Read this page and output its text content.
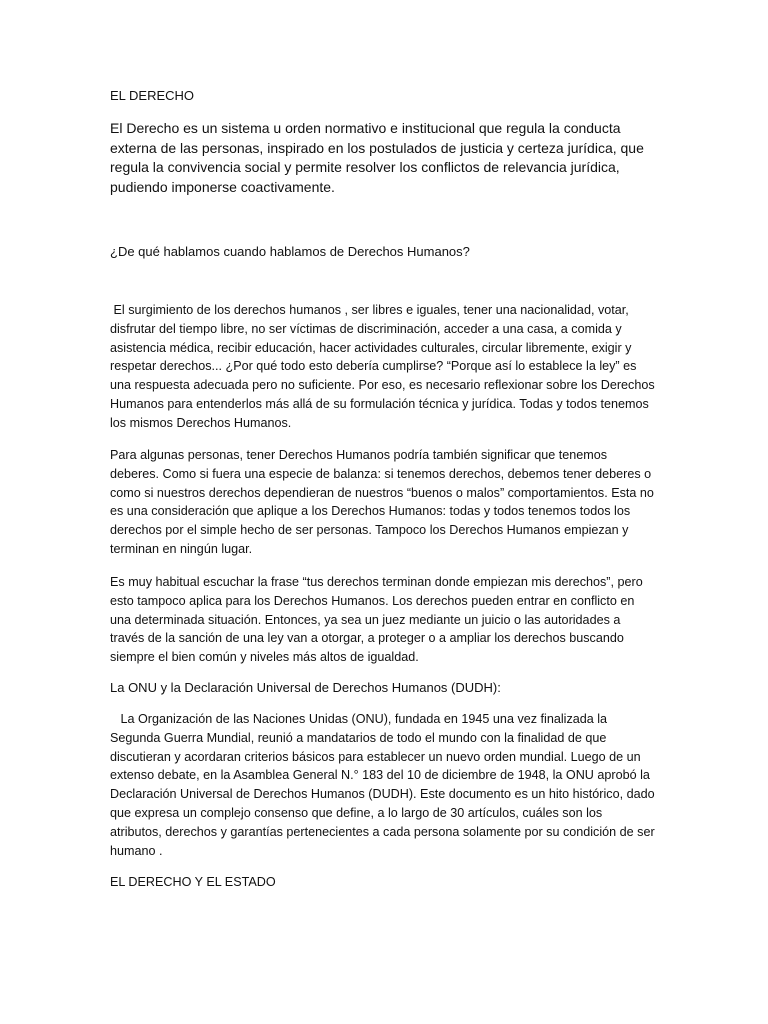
EL DERECHO

El Derecho es un sistema u orden normativo e institucional que regula la conducta externa de las personas, inspirado en los postulados de justicia y certeza jurídica, que regula la convivencia social y permite resolver los conflictos de relevancia jurídica, pudiendo imponerse coactivamente.

¿De qué hablamos cuando hablamos de Derechos Humanos?

El surgimiento de los derechos humanos , ser libres e iguales, tener una nacionalidad, votar, disfrutar del tiempo libre, no ser víctimas de discriminación, acceder a una casa, a comida y asistencia médica, recibir educación, hacer actividades culturales, circular libremente, exigir y respetar derechos... ¿Por qué todo esto debería cumplirse? “Porque así lo establece la ley” es una respuesta adecuada pero no suficiente. Por eso, es necesario reflexionar sobre los Derechos Humanos para entenderlos más allá de su formulación técnica y jurídica. Todas y todos tenemos los mismos Derechos Humanos.

Para algunas personas, tener Derechos Humanos podría también significar que tenemos deberes. Como si fuera una especie de balanza: si tenemos derechos, debemos tener deberes o como si nuestros derechos dependieran de nuestros “buenos o malos” comportamientos. Esta no es una consideración que aplique a los Derechos Humanos: todas y todos tenemos todos los derechos por el simple hecho de ser personas. Tampoco los Derechos Humanos empiezan y terminan en ningún lugar.

Es muy habitual escuchar la frase “tus derechos terminan donde empiezan mis derechos”, pero esto tampoco aplica para los Derechos Humanos. Los derechos pueden entrar en conflicto en una determinada situación. Entonces, ya sea un juez mediante un juicio o las autoridades a través de la sanción de una ley van a otorgar, a proteger o a ampliar los derechos buscando siempre el bien común y niveles más altos de igualdad.

La ONU y la Declaración Universal de Derechos Humanos (DUDH):

La Organización de las Naciones Unidas (ONU), fundada en 1945 una vez finalizada la Segunda Guerra Mundial, reunió a mandatarios de todo el mundo con la finalidad de que discutieran y acordaran criterios básicos para establecer un nuevo orden mundial. Luego de un extenso debate, en la Asamblea General N.° 183 del 10 de diciembre de 1948, la ONU aprobó la Declaración Universal de Derechos Humanos (DUDH). Este documento es un hito histórico, dado que expresa un complejo consenso que define, a lo largo de 30 artículos, cuáles son los atributos, derechos y garantías pertenecientes a cada persona solamente por su condición de ser humano .

EL DERECHO Y EL ESTADO
